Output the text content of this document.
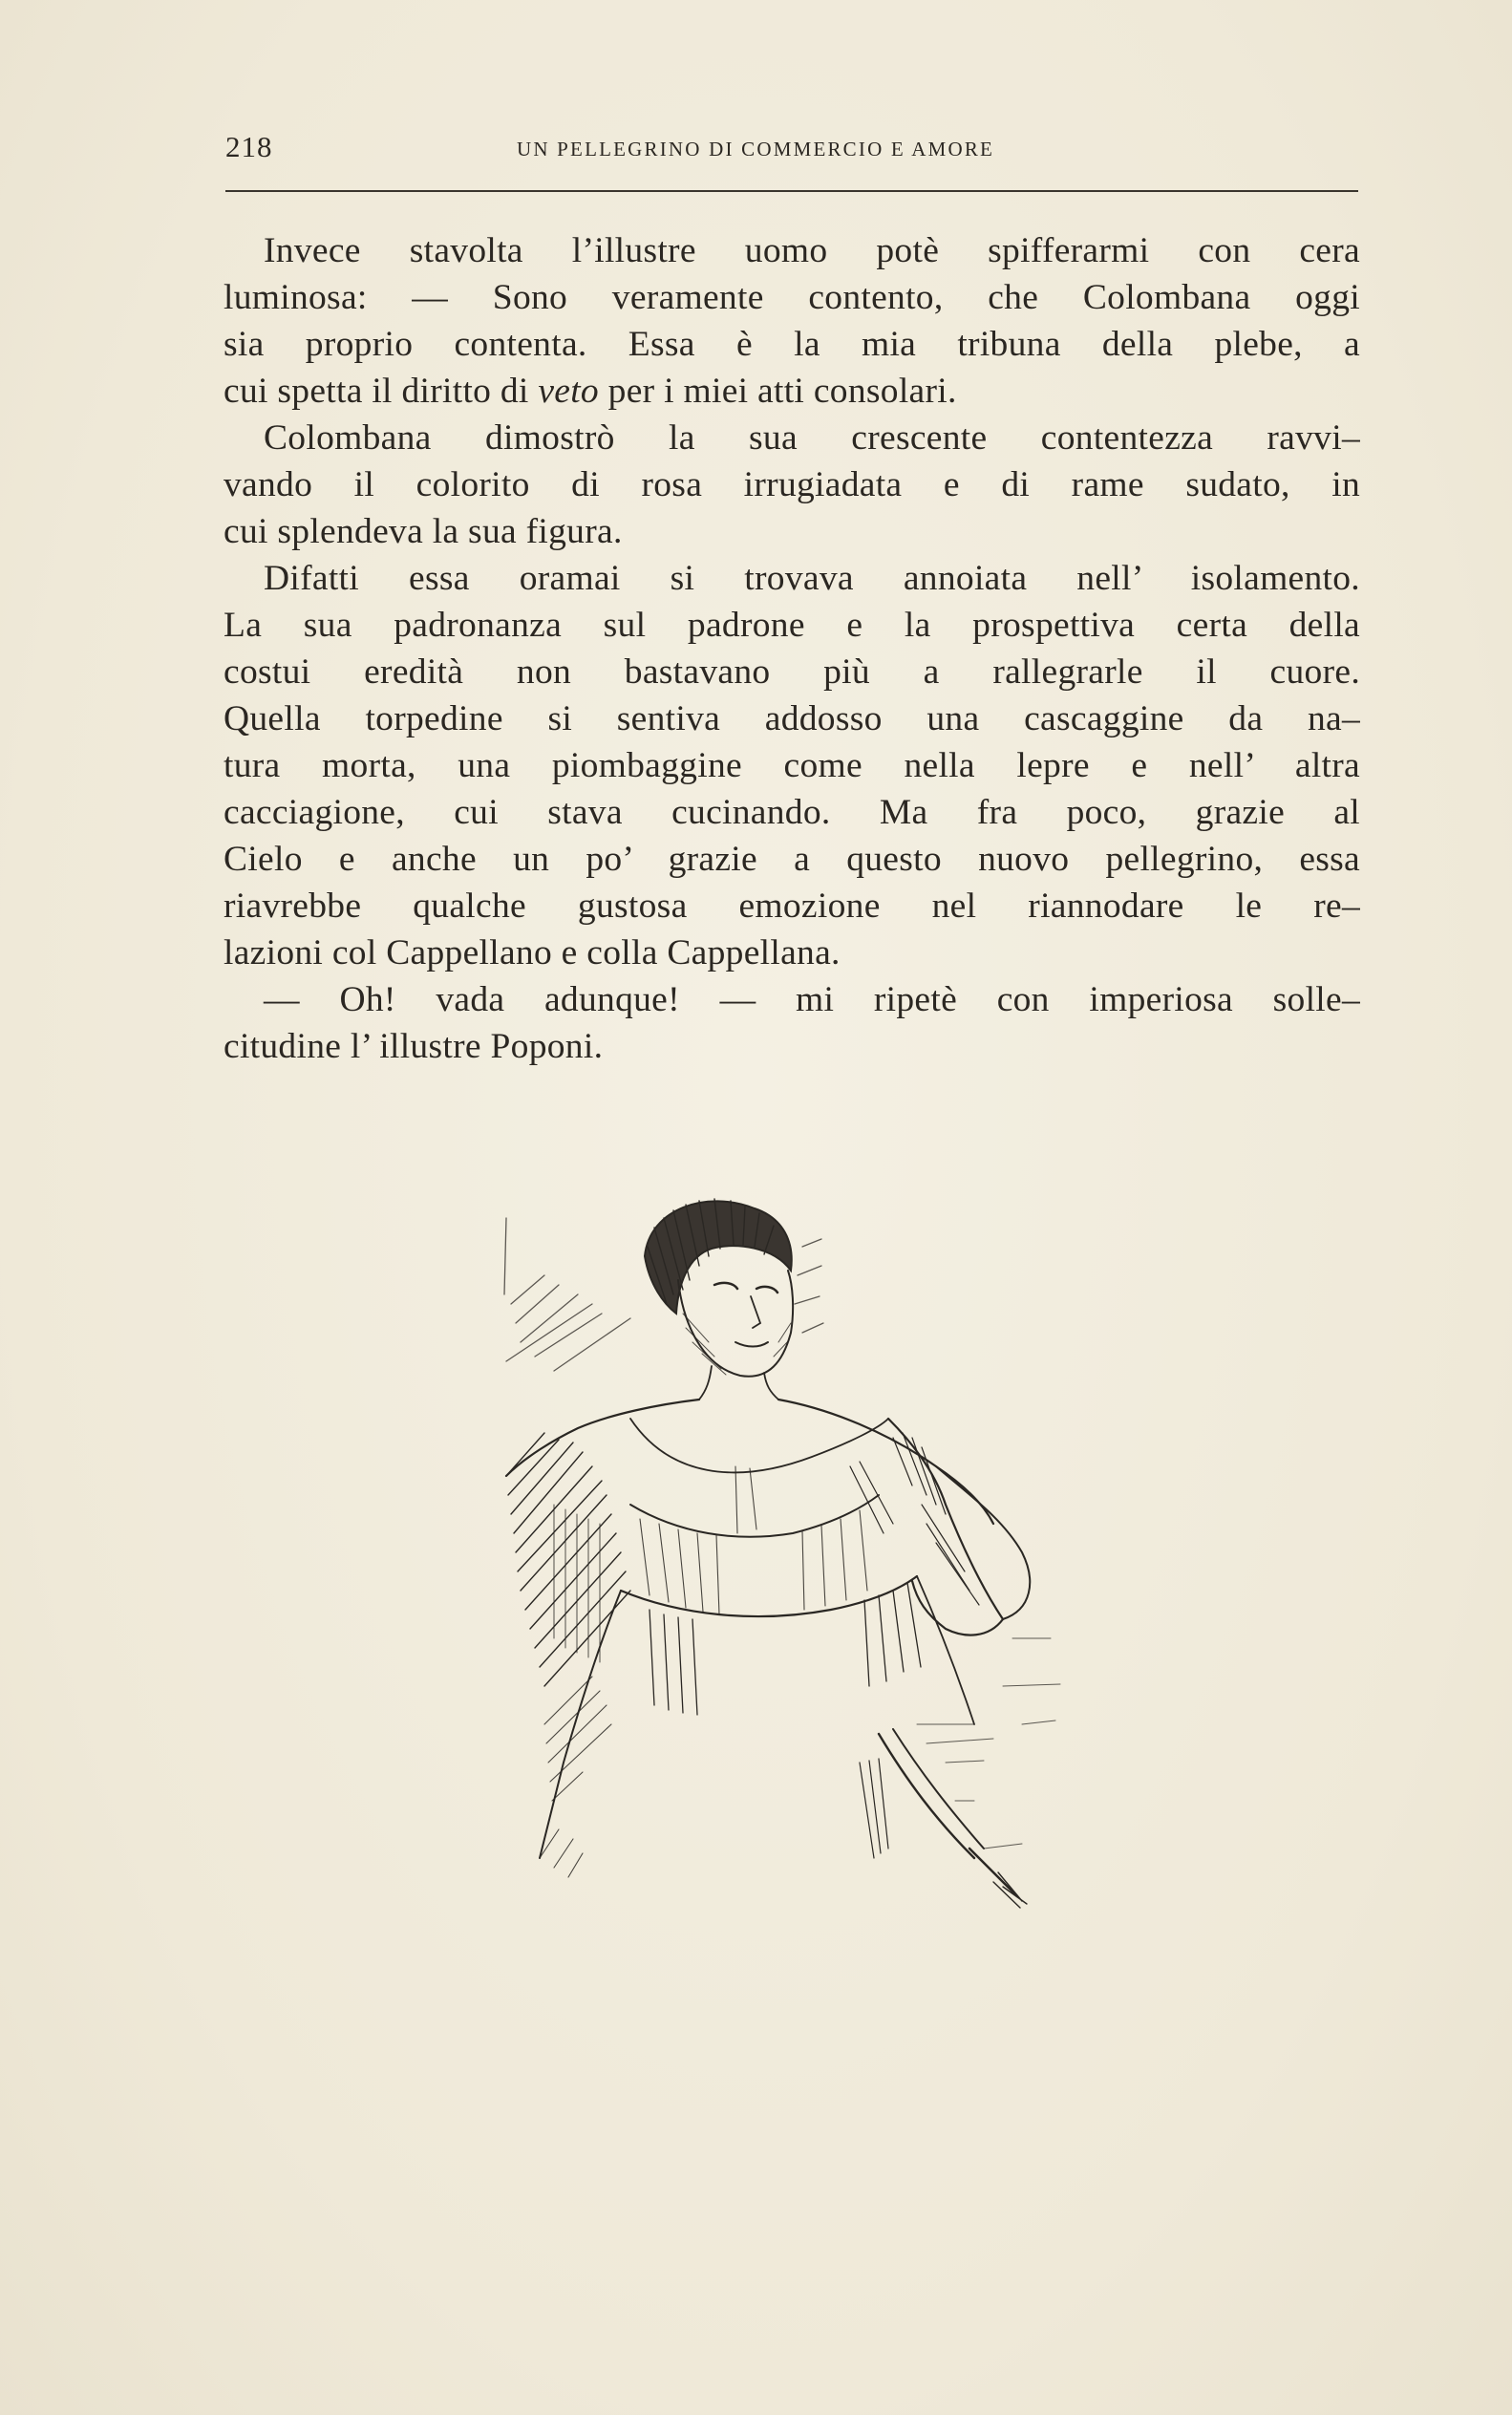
218	UN PELLEGRINO DI COMMERCIO E AMORE
Invece stavolta l’illustre uomo potè spifferarmi con cera
luminosa: — Sono veramente contento, che Colombana oggi
sia proprio contenta. Essa è la mia tribuna della plebe, a
cui spetta il diritto di veto per i miei atti consolari.
Colombana dimostrò la sua crescente contentezza ravvi–
vando il colorito di rosa irrugiadata e di rame sudato, in
cui splendeva la sua figura.
Difatti essa oramai si trovava annoiata nell’ isolamento.
La sua padronanza sul padrone e la prospettiva certa della
costui eredità non bastavano più a rallegrarle il cuore.
Quella torpedine si sentiva addosso una cascaggine da na–
tura morta, una piombaggine come nella lepre e nell’ altra
cacciagione, cui stava cucinando. Ma fra poco, grazie al
Cielo e anche un po’ grazie a questo nuovo pellegrino, essa
riavrebbe qualche gustosa emozione nel riannodare le re–
lazioni col Cappellano e colla Cappellana.
— Oh! vada adunque! — mi ripetè con imperiosa solle–
citudine l’ illustre Poponi.
